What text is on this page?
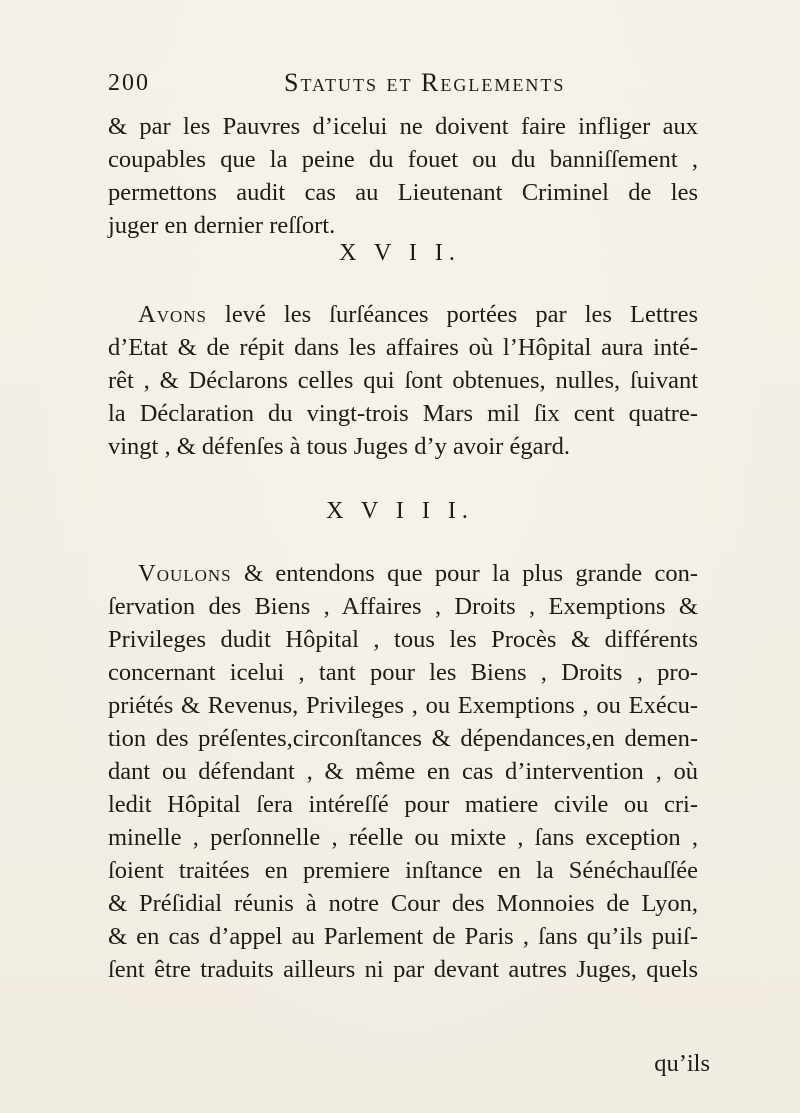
200	Statuts et Reglements

& par les Pauvres d’icelui ne doivent faire infliger aux
coupables que la peine du fouet ou du banniſſement ,
permettons audit cas au Lieutenant Criminel de les
juger en dernier reſſort.

X V I I.

Avons levé les ſurſéances portées par les Lettres
d’Etat & de répit dans les affaires où l’Hôpital aura inté-
rêt , & Déclarons celles qui ſont obtenues, nulles, ſuivant
la Déclaration du vingt-trois Mars mil ſix cent quatre-
vingt , & défenſes à tous Juges d’y avoir égard.

X V I I I.

Voulons & entendons que pour la plus grande con-
ſervation des Biens , Affaires , Droits , Exemptions &
Privileges dudit Hôpital , tous les Procès & différents
concernant icelui , tant pour les Biens , Droits , pro-
priétés & Revenus, Privileges , ou Exemptions , ou Exécu-
tion des préſentes,circonſtances & dépendances,en demen-
dant ou défendant , & même en cas d’intervention , où
ledit Hôpital ſera intéreſſé pour matiere civile ou cri-
minelle , perſonnelle , réelle ou mixte , ſans exception ,
ſoient traitées en premiere inſtance en la Sénéchauſſée
& Préſidial réunis à notre Cour des Monnoies de Lyon,
& en cas d’appel au Parlement de Paris , ſans qu’ils puiſ-
ſent être traduits ailleurs ni par devant autres Juges, quels

qu’ils
